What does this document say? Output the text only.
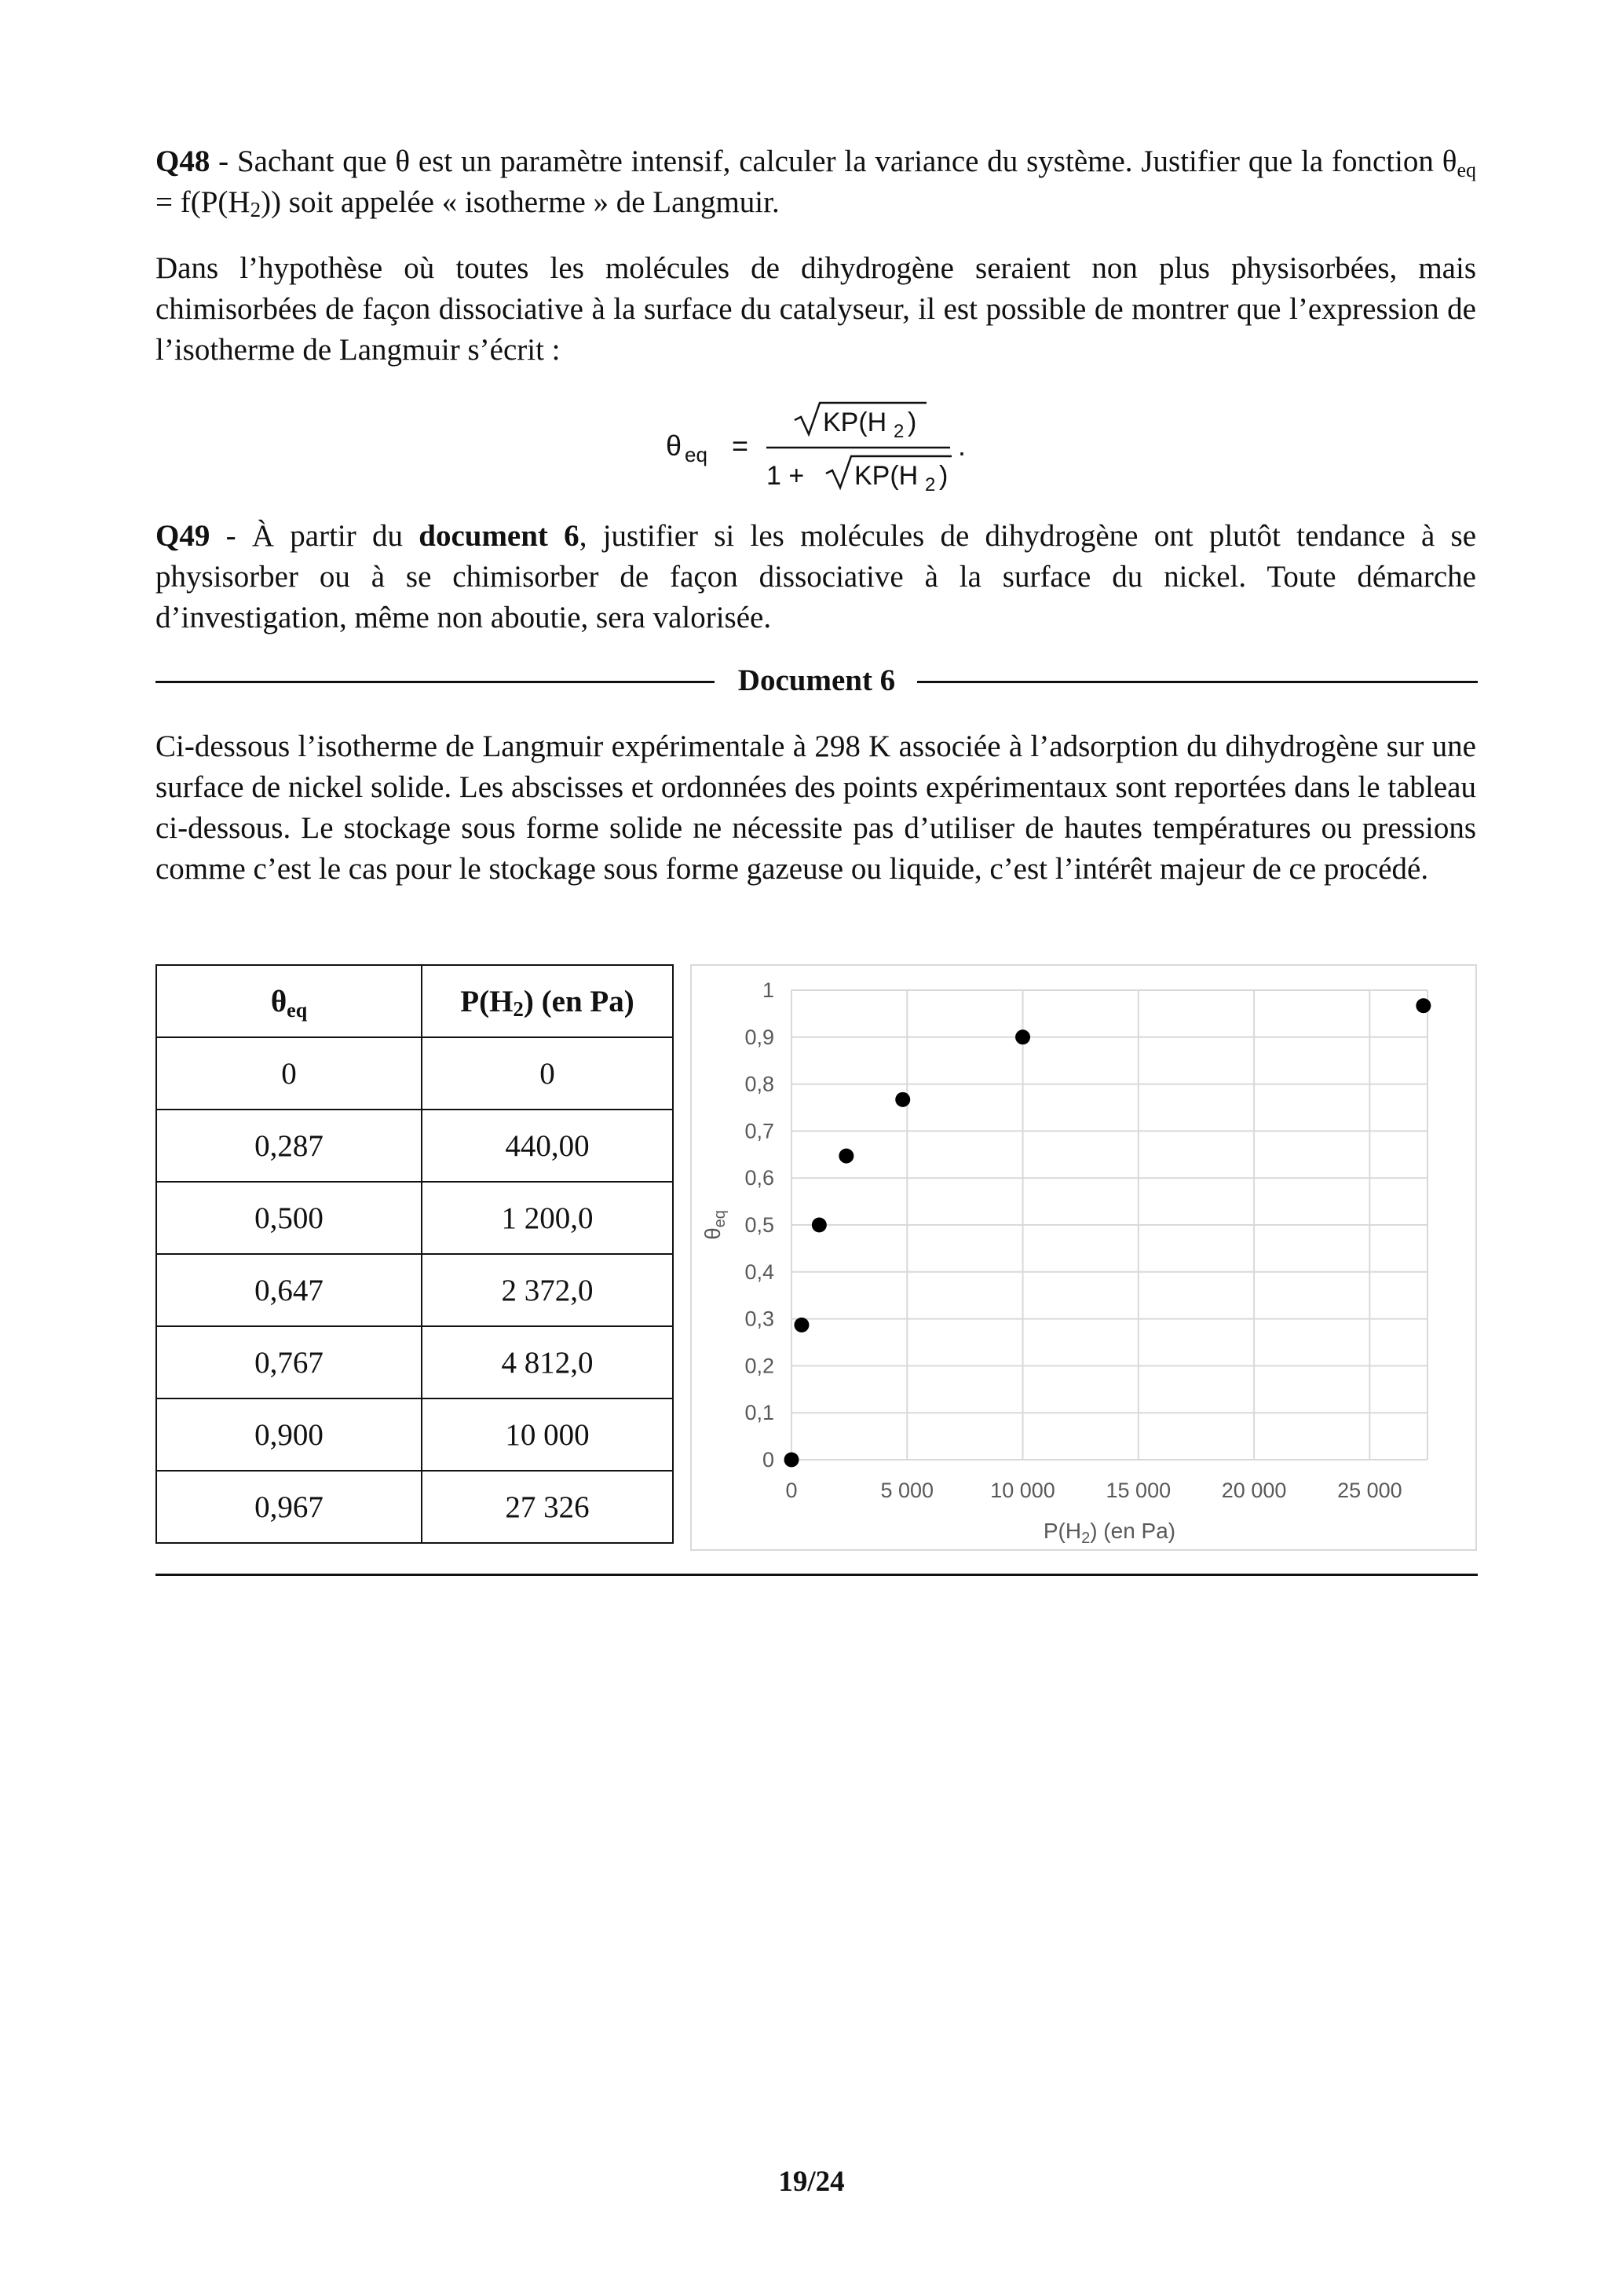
Q48 - Sachant que θ est un paramètre intensif, calculer la variance du système. Justifier que la fonction $\theta_{eq} = f(P(H2))$ soit appelée « isotherme » de Langmuir.

Dans l’hypothèse où toutes les molécules de dihydrogène seraient non plus physisorbées, mais chimisorbées de façon dissociative à la surface du catalyseur, il est possible de montrer que l’expression de l’isotherme de Langmuir s’écrit :

θ eq =
KP(H 2 )
1 + KP(H 2 )
.

Q49 - À partir du document 6, justifier si les molécules de dihydrogène ont plutôt tendance à se physisorber ou à se chimisorber de façon dissociative à la surface du nickel. Toute démarche d’investigation, même non aboutie, sera valorisée.

Document 6

Ci-dessous l’isotherme de Langmuir expérimentale à 298 K associée à l’adsorption du dihydrogène sur une surface de nickel solide. Les abscisses et ordonnées des points expérimentaux sont reportées dans le tableau ci-dessous. Le stockage sous forme solide ne nécessite pas d’utiliser de hautes températures ou pressions comme c’est le cas pour le stockage sous forme gazeuse ou liquide, c’est l’intérêt majeur de ce procédé.

$\theta_{eq}$	P(H2) (en Pa)
0	0
0,287	440,00
0,500	1 200,0
0,647	2 372,0
0,767	4 812,0
0,900	10 000
0,967	27 326
0
0,1
0,2
0,3
0,4
0,5
0,6
0,7
0,8
0,9
1
0	5 000	10 000 15 000 20 000 25 000
$P(H_2)$ (en Pa)
$\theta_{eq}$
19/24
